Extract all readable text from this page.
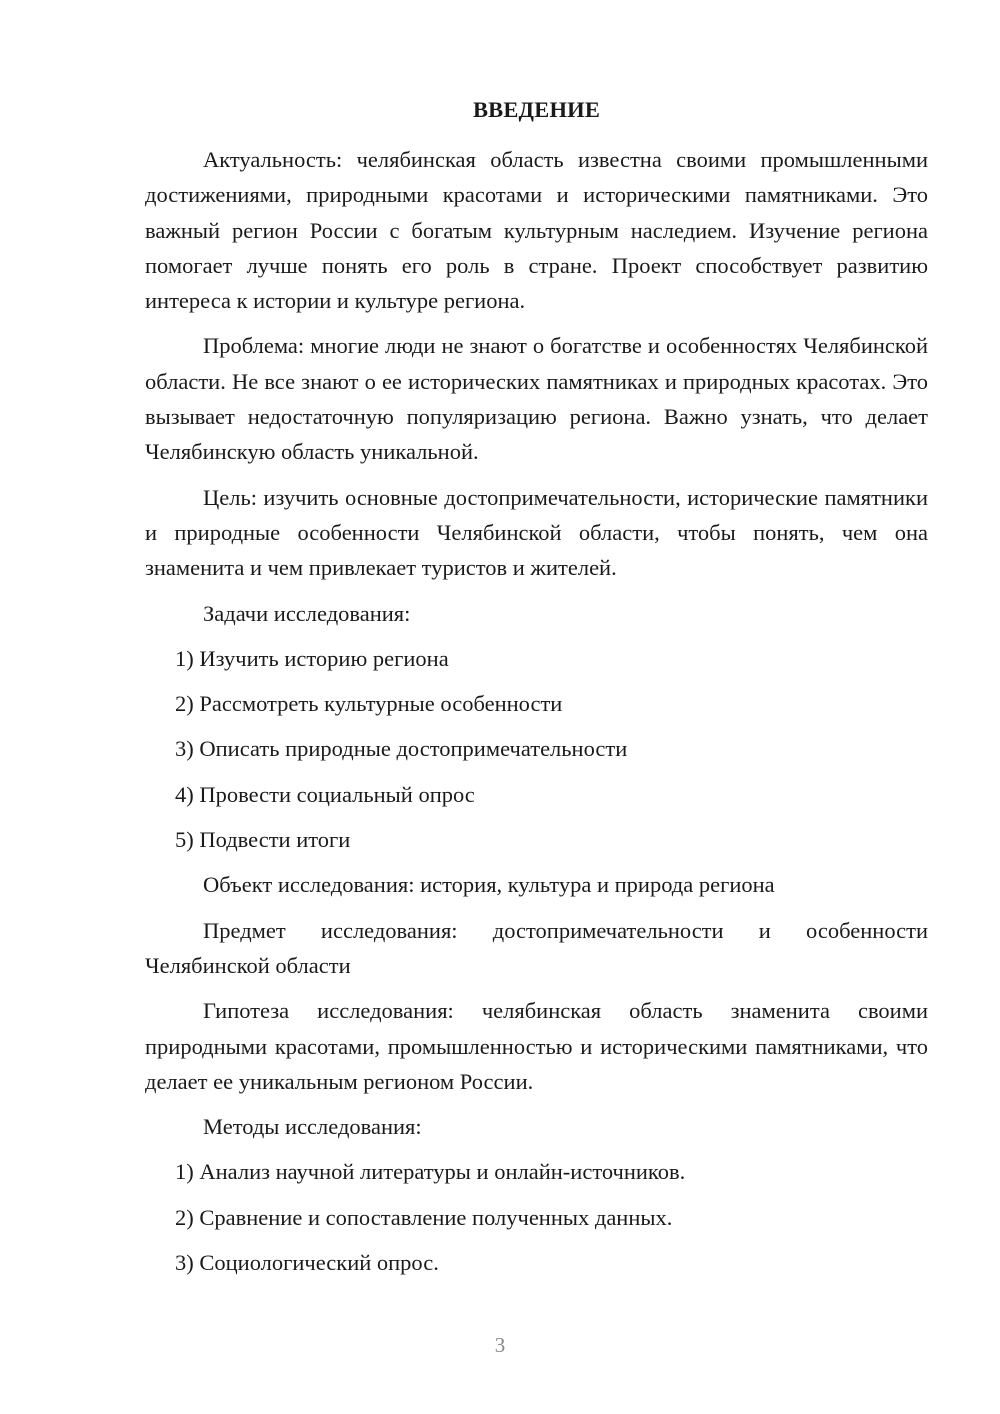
ВВЕДЕНИЕ

Актуальность: челябинская область известна своими промышленными достижениями, природными красотами и историческими памятниками. Это важный регион России с богатым культурным наследием. Изучение региона помогает лучше понять его роль в стране. Проект способствует развитию интереса к истории и культуре региона.

Проблема: многие люди не знают о богатстве и особенностях Челябинской области. Не все знают о ее исторических памятниках и природных красотах. Это вызывает недостаточную популяризацию региона. Важно узнать, что делает Челябинскую область уникальной.

Цель: изучить основные достопримечательности, исторические памятники и природные особенности Челябинской области, чтобы понять, чем она знаменита и чем привлекает туристов и жителей.

Задачи исследования:

1) Изучить историю региона
2) Рассмотреть культурные особенности
3) Описать природные достопримечательности
4) Провести социальный опрос
5) Подвести итоги

Объект исследования: история, культура и природа региона

Предмет исследования: достопримечательности и особенности Челябинской области

Гипотеза исследования: челябинская область знаменита своими природными красотами, промышленностью и историческими памятниками, что делает ее уникальным регионом России.

Методы исследования:

1) Анализ научной литературы и онлайн-источников.
2) Сравнение и сопоставление полученных данных.
3) Социологический опрос.
3
